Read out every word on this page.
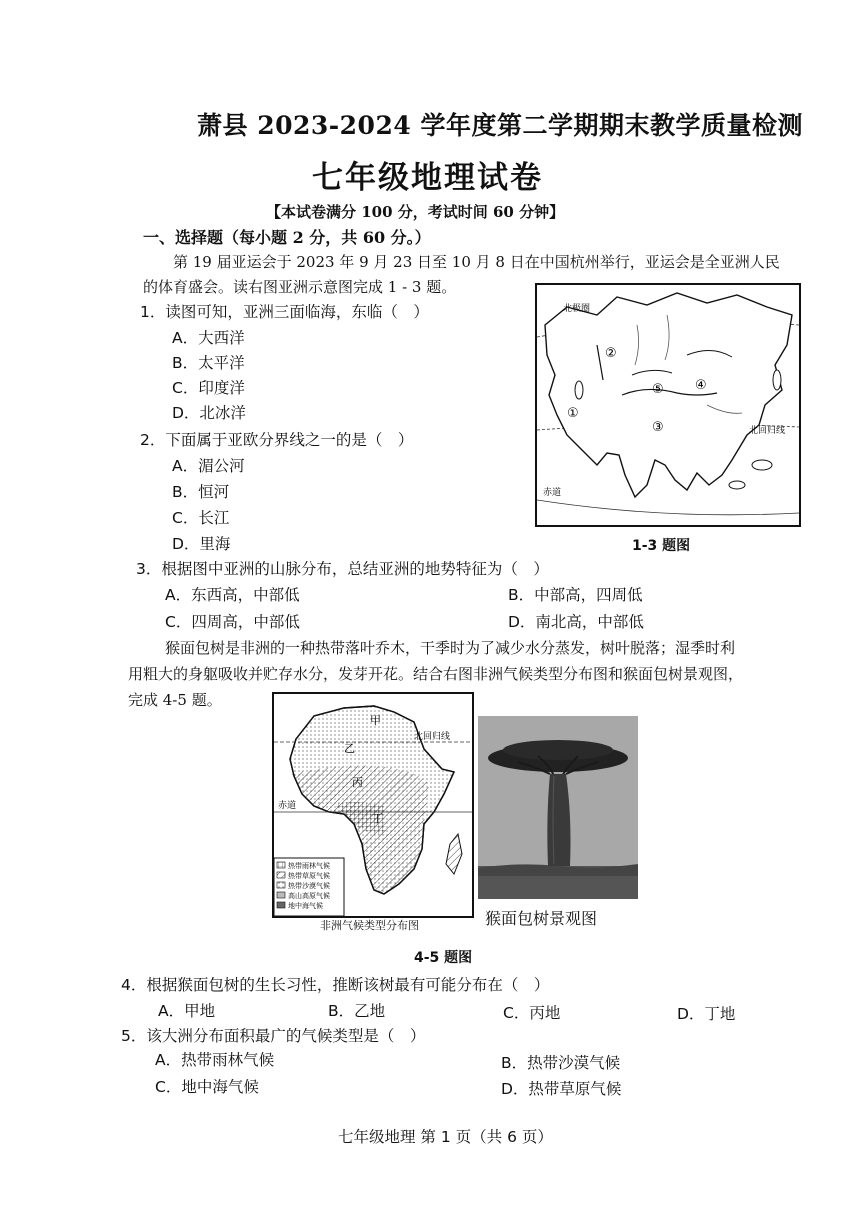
萧县 2023-2024 学年度第二学期期末教学质量检测
七年级地理试卷
【本试卷满分 100 分，考试时间 60 分钟】
一、选择题（每小题 2 分，共 60 分。）
第 19 届亚运会于 2023 年 9 月 23 日至 10 月 8 日在中国杭州举行，亚运会是全亚洲人民
的体育盛会。读右图亚洲示意图完成 1 - 3 题。
1．读图可知，亚洲三面临海，东临（　）
A．大西洋
B．太平洋
C．印度洋
D．北冰洋
2．下面属于亚欧分界线之一的是（　）
A．湄公河
B．恒河
C．长江
D．里海
②
①
⑤ ④
③
北极圈
北回归线
赤道
1-3 题图
3．根据图中亚洲的山脉分布，总结亚洲的地势特征为（　）
A．东西高，中部低	B．中部高，四周低
C．四周高，中部低	D．南北高，中部低
猴面包树是非洲的一种热带落叶乔木，干季时为了减少水分蒸发，树叶脱落；湿季时利
用粗大的身躯吸收并贮存水分，发芽开花。结合右图非洲气候类型分布图和猴面包树景观图，
完成 4-5 题。
北回归线
赤道
甲
乙
丙
丁
热带雨林气候
热带草原气候
热带沙漠气候
高山高原气候
地中海气候
非洲气候类型分布图	猴面包树景观图
4-5 题图
4．根据猴面包树的生长习性，推断该树最有可能分布在（　）
A．甲地	B．乙地	C．丙地	D．丁地
5．该大洲分布面积最广的气候类型是（　）
A．热带雨林气候	B．热带沙漠气候
C．地中海气候	D．热带草原气候
七年级地理 第 1 页（共 6 页）
